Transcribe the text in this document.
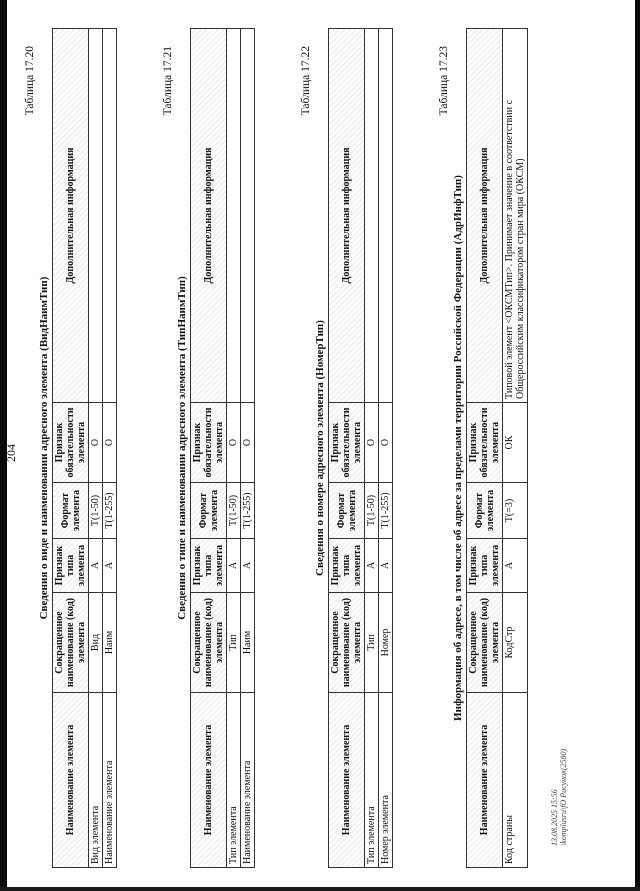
204
Таблица 17.20
Сведения о виде и наименовании адресного элемента (ВидНаимТип)
Наименование элемента	Сокращенное наименование (код) элемента	Признак типа элемента	Формат элемента	Признак обязательности элемента	Дополнительная информация
Вид элемента	Вид	А	T(1-50)	О	
Наименование элемента	Наим	А	T(1-255)	О	
Таблица 17.21
Сведения о типе и наименовании адресного элемента (ТипНаимТип)
Наименование элемента	Сокращенное наименование (код) элемента	Признак типа элемента	Формат элемента	Признак обязательности элемента	Дополнительная информация
Тип элемента	Тип	А	T(1-50)	О	
Наименование элемента	Наим	А	T(1-255)	О	
Таблица 17.22
Сведения о номере адресного элемента (НомерТип)
Наименование элемента	Сокращенное наименование (код) элемента	Признак типа элемента	Формат элемента	Признак обязательности элемента	Дополнительная информация
Тип элемента	Тип	А	T(1-50)	О	
Номер элемента	Номер	А	T(1-255)	О	
Таблица 17.23
Информация об адресе, в том числе об адресе за пределами территории Российской Федерации (АдрИнфТип)
Наименование элемента	Сокращенное наименование (код) элемента	Признак типа элемента	Формат элемента	Признак обязательности элемента	Дополнительная информация
Код страны	КодСтр	А	T(=3)	ОК	Типовой элемент <ОКСМТип>. Принимает значение в соответствии с Общероссийским классификатором стран мира (ОКСМ)
13.08.2025 15:56 \komplusru\fO Рисунок(2580)
